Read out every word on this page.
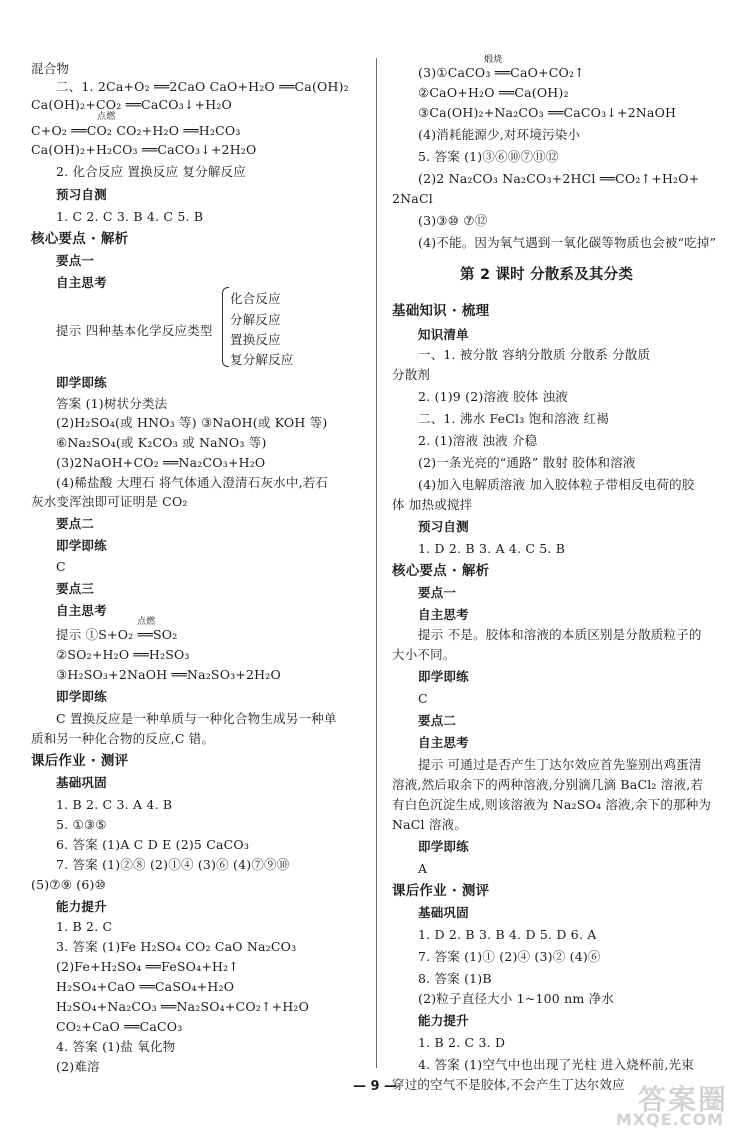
混合物
二、1. 2Ca+O₂ ══2CaO CaO+H₂O ══Ca(OH)₂
Ca(OH)₂+CO₂ ══CaCO₃↓+H₂O
点燃
C+O₂ ══CO₂ CO₂+H₂O ══H₂CO₃
Ca(OH)₂+H₂CO₃ ══CaCO₃↓+2H₂O
2. 化合反应 置换反应 复分解反应
预习自测
1. C 2. C 3. B 4. C 5. B
核心要点 · 解析
要点一
自主思考
化合反应
分解反应
提示 四种基本化学反应类型
置换反应
复分解反应
即学即练
答案 (1)树状分类法
(2)H₂SO₄(或 HNO₃ 等) ③NaOH(或 KOH 等)
⑥Na₂SO₄(或 K₂CO₃ 或 NaNO₃ 等)
(3)2NaOH+CO₂ ══Na₂CO₃+H₂O
(4)稀盐酸 大理石 将气体通入澄清石灰水中,若石
灰水变浑浊即可证明是 CO₂
要点二
即学即练
C
要点三
自主思考
点燃
提示 ①S+O₂ ══SO₂
②SO₂+H₂O ══H₂SO₃
③H₂SO₃+2NaOH ══Na₂SO₃+2H₂O
即学即练
C 置换反应是一种单质与一种化合物生成另一种单
质和另一种化合物的反应,C 错。
课后作业 · 测评
基础巩固
1. B 2. C 3. A 4. B
5. ①③⑤
6. 答案 (1)A C D E (2)5 CaCO₃
7. 答案 (1)②⑧ (2)①④ (3)⑥ (4)⑦⑨⑩
(5)⑦⑨ (6)⑩
能力提升
1. B 2. C
3. 答案 (1)Fe H₂SO₄ CO₂ CaO Na₂CO₃
(2)Fe+H₂SO₄ ══FeSO₄+H₂↑
H₂SO₄+CaO ══CaSO₄+H₂O
H₂SO₄+Na₂CO₃ ══Na₂SO₄+CO₂↑+H₂O
CO₂+CaO ══CaCO₃
4. 答案 (1)盐 氧化物
(2)难溶
煅烧
(3)①CaCO₃ ══CaO+CO₂↑
②CaO+H₂O ══Ca(OH)₂
③Ca(OH)₂+Na₂CO₃ ══CaCO₃↓+2NaOH
(4)消耗能源少,对环境污染小
5. 答案 (1)③⑥⑩⑦⑪⑫
(2)2 Na₂CO₃ Na₂CO₃+2HCl ══CO₂↑+H₂O+
2NaCl
(3)③⑩ ⑦⑫
(4)不能。因为氧气遇到一氧化碳等物质也会被“吃掉”
第 2 课时 分散系及其分类
基础知识 · 梳理
知识清单
一、1. 被分散 容纳分散质 分散系 分散质
分散剂
2. (1)9 (2)溶液 胶体 浊液
二、1. 沸水 FeCl₃ 饱和溶液 红褐
2. (1)溶液 浊液 介稳
(2)一条光亮的“通路” 散射 胶体和溶液
(4)加入电解质溶液 加入胶体粒子带相反电荷的胶
体 加热或搅拌
预习自测
1. D 2. B 3. A 4. C 5. B
核心要点 · 解析
要点一
自主思考
提示 不是。胶体和溶液的本质区别是分散质粒子的
大小不同。
即学即练
C
要点二
自主思考
提示 可通过是否产生丁达尔效应首先鉴别出鸡蛋清
溶液,然后取余下的两种溶液,分别滴几滴 BaCl₂ 溶液,若
有白色沉淀生成,则该溶液为 Na₂SO₄ 溶液,余下的那种为
NaCl 溶液。
即学即练
A
课后作业 · 测评
基础巩固
1. D 2. B 3. B 4. D 5. D 6. A
7. 答案 (1)① (2)④ (3)② (4)⑥
8. 答案 (1)B
(2)粒子直径大小 1~100 nm 净水
能力提升
1. B 2. C 3. D
4. 答案 (1)空气中也出现了光柱 进入烧杯前,光束
穿过的空气不是胶体,不会产生丁达尔效应
— 9 —	答案圈
MXQE.COM
